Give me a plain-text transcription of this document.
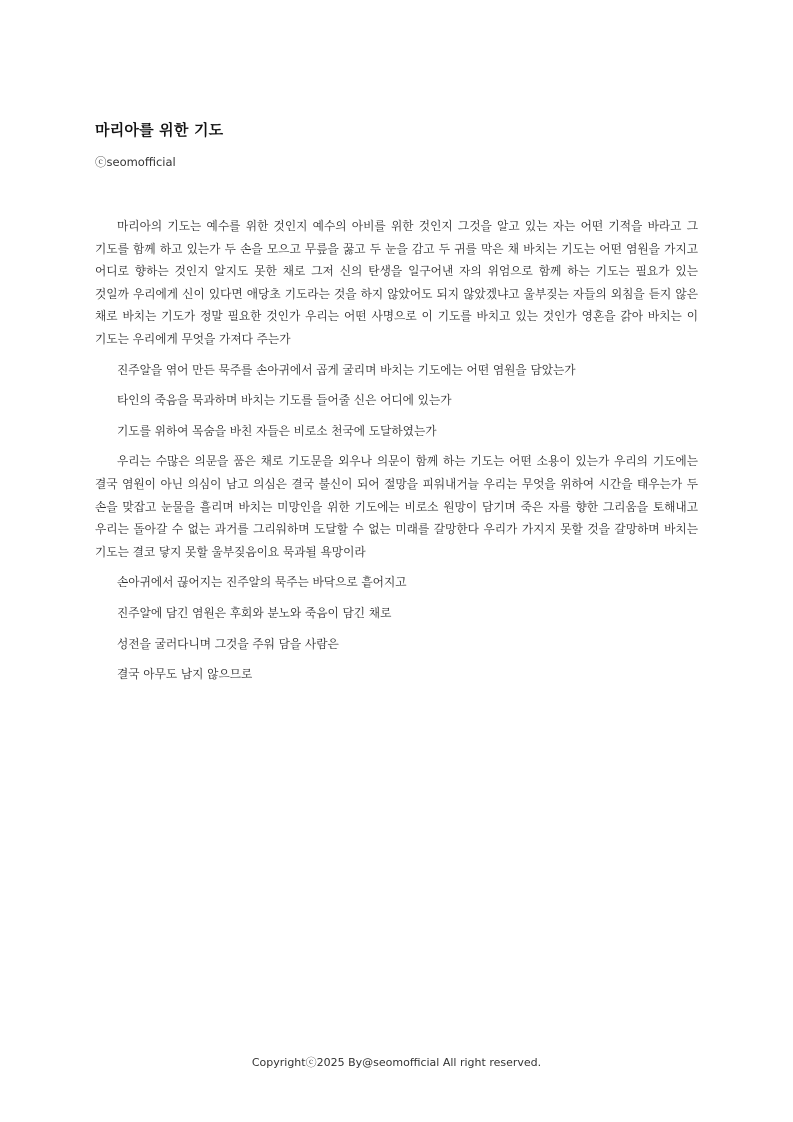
마리아를 위한 기도

ⓒseomofficial

마리아의 기도는 예수를 위한 것인지 예수의 아비를 위한 것인지 그것을 알고 있는 자는 어떤 기적을 바라고 그 기도를 함께 하고 있는가 두 손을 모으고 무릎을 꿇고 두 눈을 감고 두 귀를 막은 채 바치는 기도는 어떤 염원을 가지고 어디로 향하는 것인지 알지도 못한 채로 그저 신의 탄생을 일구어낸 자의 위엄으로 함께 하는 기도는 필요가 있는 것일까 우리에게 신이 있다면 애당초 기도라는 것을 하지 않았어도 되지 않았겠냐고 울부짖는 자들의 외침을 듣지 않은 채로 바치는 기도가 정말 필요한 것인가 우리는 어떤 사명으로 이 기도를 바치고 있는 것인가 영혼을 갉아 바치는 이 기도는 우리에게 무엇을 가져다 주는가

진주알을 엮어 만든 묵주를 손아귀에서 곱게 굴리며 바치는 기도에는 어떤 염원을 담았는가

타인의 죽음을 묵과하며 바치는 기도를 들어줄 신은 어디에 있는가

기도를 위하여 목숨을 바친 자들은 비로소 천국에 도달하였는가

우리는 수많은 의문을 품은 채로 기도문을 외우나 의문이 함께 하는 기도는 어떤 소용이 있는가 우리의 기도에는 결국 염원이 아닌 의심이 남고 의심은 결국 불신이 되어 절망을 피워내거늘 우리는 무엇을 위하여 시간을 태우는가 두 손을 맞잡고 눈물을 흘리며 바치는 미망인을 위한 기도에는 비로소 원망이 담기며 죽은 자를 향한 그리움을 토해내고 우리는 돌아갈 수 없는 과거를 그리워하며 도달할 수 없는 미래를 갈망한다 우리가 가지지 못할 것을 갈망하며 바치는 기도는 결코 닿지 못할 울부짖음이요 묵과될 욕망이라

손아귀에서 끊어지는 진주알의 묵주는 바닥으로 흩어지고

진주알에 담긴 염원은 후회와 분노와 죽음이 담긴 채로

성전을 굴러다니며 그것을 주워 담을 사람은

결국 아무도 남지 않으므로

Copyrightⓒ2025 By@seomofficial All right reserved.
